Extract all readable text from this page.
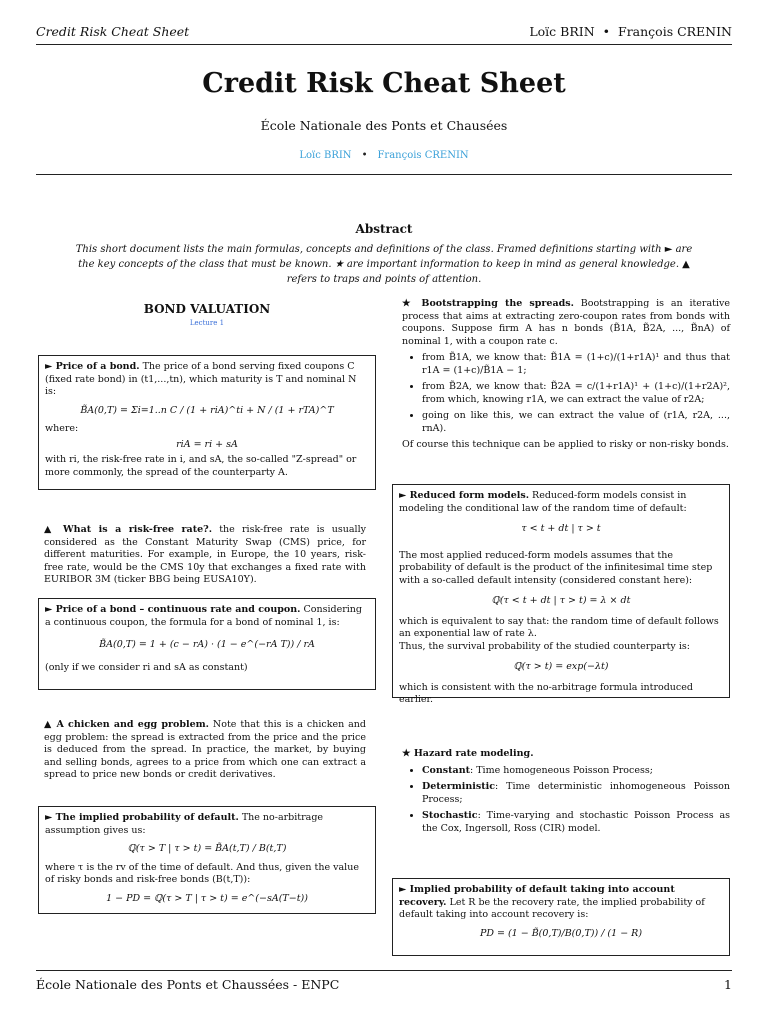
Credit Risk Cheat Sheet	Loïc BRIN • François CRENIN
Credit Risk Cheat Sheet
École Nationale des Ponts et Chausées
Loïc BRIN • François CRENIN
Abstract
This short document lists the main formulas, concepts and definitions of the class. Framed definitions starting with ► are the key concepts of the class that must be known. ★ are important information to keep in mind as general knowledge. ▲ refers to traps and points of attention.
BOND VALUATION
Lecture 1
► Price of a bond. The price of a bond serving fixed coupons C (fixed rate bond) in (t1,...,tn), which maturity is T and nominal N is:
B̃A(0,T) = Σi=1..n C / (1 + riA)^ti + N / (1 + rTA)^T
where:
riA = ri + sA
with ri, the risk-free rate in i, and sA, the so-called "Z-spread" or more commonly, the spread of the counterparty A.
▲ What is a risk-free rate?. the risk-free rate is usually considered as the Constant Maturity Swap (CMS) price, for different maturities. For example, in Europe, the 10 years, risk-free rate, would be the CMS 10y that exchanges a fixed rate with EURIBOR 3M (ticker BBG being EUSA10Y).
► Price of a bond – continuous rate and coupon. Considering a continuous coupon, the formula for a bond of nominal 1, is:
B̃A(0,T) = 1 + (c − rA) · (1 − e^(−rA T)) / rA
(only if we consider ri and sA as constant)
▲ A chicken and egg problem. Note that this is a chicken and egg problem: the spread is extracted from the price and the price is deduced from the spread. In practice, the market, by buying and selling bonds, agrees to a price from which one can extract a spread to price new bonds or credit derivatives.
► The implied probability of default. The no-arbitrage assumption gives us:
ℚ(τ > T | τ > t) = B̃A(t,T) / B(t,T)
where τ is the rv of the time of default. And thus, given the value of risky bonds and risk-free bonds (B(t,T)):
1 − PD = ℚ(τ > T | τ > t) = e^(−sA(T−t))
★ Bootstrapping the spreads. Bootstrapping is an iterative process that aims at extracting zero-coupon rates from bonds with coupons. Suppose firm A has n bonds (B̃1A, B̃2A, ..., B̃nA) of nominal 1, with a coupon rate c.
• from B̃1A, we know that: B̃1A = (1+c)/(1+r1A)¹ and thus that r1A = (1+c)/B̃1A − 1;
• from B̃2A, we know that: B̃2A = c/(1+r1A)¹ + (1+c)/(1+r2A)², from which, knowing r1A, we can extract the value of r2A;
• going on like this, we can extract the value of (r1A, r2A, ..., rnA).
Of course this technique can be applied to risky or non-risky bonds.
► Reduced form models. Reduced-form models consist in modeling the conditional law of the random time of default:
τ < t + dt | τ > t
The most applied reduced-form models assumes that the probability of default is the product of the infinitesimal time step with a so-called default intensity (considered constant here):
ℚ(τ < t + dt | τ > t) = λ × dt
which is equivalent to say that: the random time of default follows an exponential law of rate λ.
Thus, the survival probability of the studied counterparty is:
ℚ(τ > t) = exp(−λt)
which is consistent with the no-arbitrage formula introduced earlier.
★ Hazard rate modeling.
• Constant: Time homogeneous Poisson Process;
• Deterministic: Time deterministic inhomogeneous Poisson Process;
• Stochastic: Time-varying and stochastic Poisson Process as the Cox, Ingersoll, Ross (CIR) model.
► Implied probability of default taking into account recovery. Let R be the recovery rate, the implied probability of default taking into account recovery is:
PD = (1 − B̃(0,T)/B(0,T)) / (1 − R)
École Nationale des Ponts et Chaussées - ENPC	1
